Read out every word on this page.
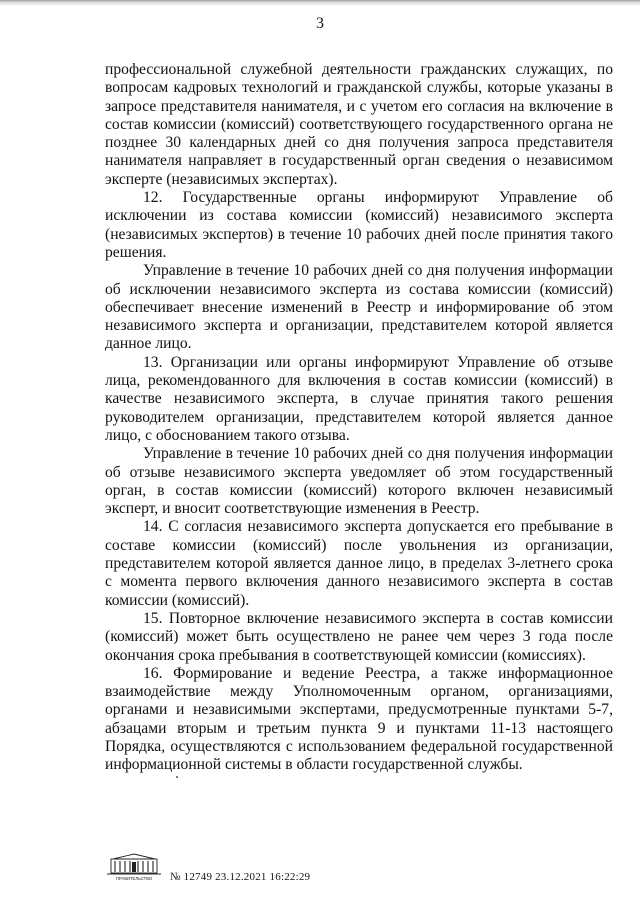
3

профессиональной служебной деятельности гражданских служащих, по вопросам кадровых технологий и гражданской службы, которые указаны в запросе представителя нанимателя, и с учетом его согласия на включение в состав комиссии (комиссий) соответствующего государственного органа не позднее 30 календарных дней со дня получения запроса представителя нанимателя направляет в государственный орган сведения о независимом эксперте (независимых экспертах).

12. Государственные органы информируют Управление об исключении из состава комиссии (комиссий) независимого эксперта (независимых экспертов) в течение 10 рабочих дней после принятия такого решения.

Управление в течение 10 рабочих дней со дня получения информации об исключении независимого эксперта из состава комиссии (комиссий) обеспечивает внесение изменений в Реестр и информирование об этом независимого эксперта и организации, представителем которой является данное лицо.

13. Организации или органы информируют Управление об отзыве лица, рекомендованного для включения в состав комиссии (комиссий) в качестве независимого эксперта, в случае принятия такого решения руководителем организации, представителем которой является данное лицо, с обоснованием такого отзыва.

Управление в течение 10 рабочих дней со дня получения информации об отзыве независимого эксперта уведомляет об этом государственный орган, в состав комиссии (комиссий) которого включен независимый эксперт, и вносит соответствующие изменения в Реестр.

14. С согласия независимого эксперта допускается его пребывание в составе комиссии (комиссий) после увольнения из организации, представителем которой является данное лицо, в пределах 3-летнего срока с момента первого включения данного независимого эксперта в состав комиссии (комиссий).

15. Повторное включение независимого эксперта в состав комиссии (комиссий) может быть осуществлено не ранее чем через 3 года после окончания срока пребывания в соответствующей комиссии (комиссиях).

16. Формирование и ведение Реестра, а также информационное взаимодействие между Уполномоченным органом, организациями, органами и независимыми экспертами, предусмотренные пунктами 5-7, абзацами вторым и третьим пункта 9 и пунктами 11-13 настоящего Порядка, осуществляются с использованием федеральной государственной информационной системы в области государственной службы.

ПРАВИТЕЛЬСТВО № 12749 23.12.2021 16:22:29
